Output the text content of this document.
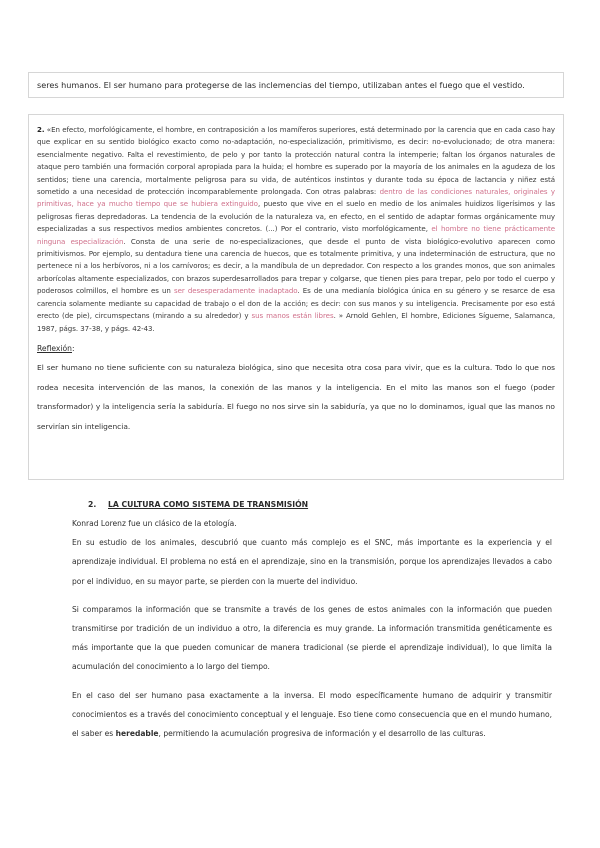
seres humanos. El ser humano para protegerse de las inclemencias del tiempo, utilizaban antes el fuego que el vestido.

2. «En efecto, morfológicamente, el hombre, en contraposición a los mamíferos superiores, está determinado por la carencia que en cada caso hay que explicar en su sentido biológico exacto como no-adaptación, no-especialización, primitivismo, es decir: no-evolucionado; de otra manera: esencialmente negativo. Falta el revestimiento, de pelo y por tanto la protección natural contra la intemperie; faltan los órganos naturales de ataque pero también una formación corporal apropiada para la huida; el hombre es superado por la mayoría de los animales en la agudeza de los sentidos; tiene una carencia, mortalmente peligrosa para su vida, de auténticos instintos y durante toda su época de lactancia y niñez está sometido a una necesidad de protección incomparablemente prolongada. Con otras palabras: dentro de las condiciones naturales, originales y primitivas, hace ya mucho tiempo que se hubiera extinguido, puesto que vive en el suelo en medio de los animales huidizos ligerísimos y las peligrosas fieras depredadoras. La tendencia de la evolución de la naturaleza va, en efecto, en el sentido de adaptar formas orgánicamente muy especializadas a sus respectivos medios ambientes concretos. (...) Por el contrario, visto morfológicamente, el hombre no tiene prácticamente ninguna especialización. Consta de una serie de no-especializaciones, que desde el punto de vista biológico-evolutivo aparecen como primitivismos. Por ejemplo, su dentadura tiene una carencia de huecos, que es totalmente primitiva, y una indeterminación de estructura, que no pertenece ni a los herbívoros, ni a los carnívoros; es decir, a la mandíbula de un depredador. Con respecto a los grandes monos, que son animales arborícolas altamente especializados, con brazos superdesarrollados para trepar y colgarse, que tienen pies para trepar, pelo por todo el cuerpo y poderosos colmillos, el hombre es un ser desesperadamente inadaptado. Es de una medianía biológica única en su género y se resarce de esa carencia solamente mediante su capacidad de trabajo o el don de la acción; es decir: con sus manos y su inteligencia. Precisamente por eso está erecto (de pie), circumspectans (mirando a su alrededor) y sus manos están libres. » Arnold Gehlen, El hombre, Ediciones Sígueme, Salamanca, 1987, págs. 37-38, y págs. 42-43.

Reflexión:

El ser humano no tiene suficiente con su naturaleza biológica, sino que necesita otra cosa para vivir, que es la cultura. Todo lo que nos rodea necesita intervención de las manos, la conexión de las manos y la inteligencia. En el mito las manos son el fuego (poder transformador) y la inteligencia sería la sabiduría. El fuego no nos sirve sin la sabiduría, ya que no lo dominamos, igual que las manos no servirían sin inteligencia.

2. LA CULTURA COMO SISTEMA DE TRANSMISIÓN

Konrad Lorenz fue un clásico de la etología.

En su estudio de los animales, descubrió que cuanto más complejo es el SNC, más importante es la experiencia y el aprendizaje individual. El problema no está en el aprendizaje, sino en la transmisión, porque los aprendizajes llevados a cabo por el individuo, en su mayor parte, se pierden con la muerte del individuo.

Si comparamos la información que se transmite a través de los genes de estos animales con la información que pueden transmitirse por tradición de un individuo a otro, la diferencia es muy grande. La información transmitida genéticamente es más importante que la que pueden comunicar de manera tradicional (se pierde el aprendizaje individual), lo que limita la acumulación del conocimiento a lo largo del tiempo.

En el caso del ser humano pasa exactamente a la inversa. El modo específicamente humano de adquirir y transmitir conocimientos es a través del conocimiento conceptual y el lenguaje. Eso tiene como consecuencia que en el mundo humano, el saber es heredable, permitiendo la acumulación progresiva de información y el desarrollo de las culturas.
